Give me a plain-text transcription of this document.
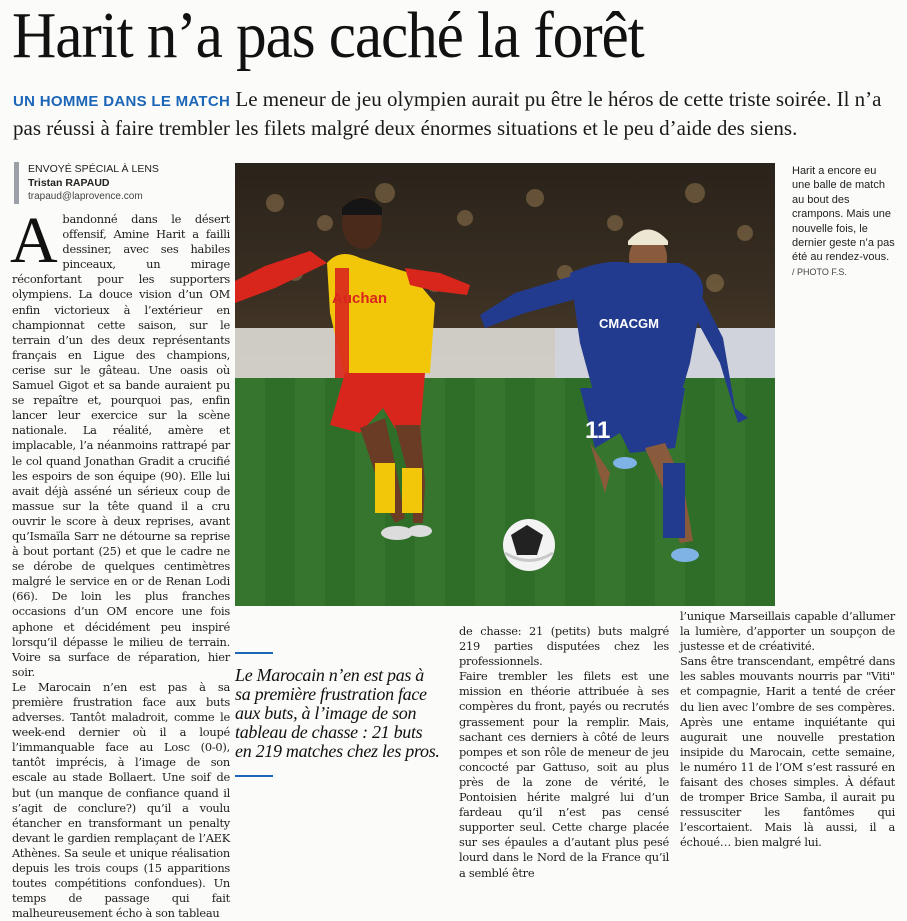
Harit n’a pas caché la forêt
UN HOMME DANS LE MATCH Le meneur de jeu olympien aurait pu être le héros de cette triste soirée. Il n’a pas réussi à faire trembler les filets malgré deux énormes situations et le peu d’aide des siens.
ENVOYÉ SPÉCIAL À LENS
Tristan RAPAUD
trapaud@laprovence.com

Abandonné dans le désert offensif, Amine Harit a failli dessiner, avec ses habiles pinceaux, un mirage réconfortant pour les supporters olympiens. La douce vision d’un OM enfin victorieux à l’extérieur en championnat cette saison, sur le terrain d’un des deux représentants français en Ligue des champions, cerise sur le gâteau. Une oasis où Samuel Gigot et sa bande auraient pu se repaître et, pourquoi pas, enfin lancer leur exercice sur la scène nationale. La réalité, amère et implacable, l’a néanmoins rattrapé par le col quand Jonathan Gradit a crucifié les espoirs de son équipe (90). Elle lui avait déjà asséné un sérieux coup de massue sur la tête quand il a cru ouvrir le score à deux reprises, avant qu’Ismaïla Sarr ne détourne sa reprise à bout portant (25) et que le cadre ne se dérobe de quelques centimètres malgré le service en or de Renan Lodi (66). De loin les plus franches occasions d’un OM encore une fois aphone et décidément peu inspiré lorsqu’il dépasse le milieu de terrain. Voire sa surface de réparation, hier soir.

Le Marocain n’en est pas à sa première frustration face aux buts adverses. Tantôt maladroit, comme le week-end dernier où il a loupé l’immanquable face au Losc (0-0), tantôt imprécis, à l’image de son escale au stade Bollaert. Une soif de but (un manque de confiance quand il s’agit de conclure?) qu’il a voulu étancher en transformant un penalty devant le gardien remplaçant de l’AEK Athènes. Sa seule et unique réalisation depuis les trois coups (15 apparitions toutes compétitions confondues). Un temps de passage qui fait malheureusement écho à son tableau

Auchan
CMACGM
11
Harit a encore eu une balle de match au bout des crampons. Mais une nouvelle fois, le dernier geste n’a pas été au rendez-vous.
/ PHOTO F.S.

Le Marocain n’en est pas à sa première frustration face aux buts, à l’image de son tableau de chasse : 21 buts en 219 matches chez les pros.

de chasse: 21 (petits) buts malgré 219 parties disputées chez les professionnels.

Faire trembler les filets est une mission en théorie attribuée à ses compères du front, payés ou recrutés grassement pour la remplir. Mais, sachant ces derniers à côté de leurs pompes et son rôle de meneur de jeu concocté par Gattuso, soit au plus près de la zone de vérité, le Pontoisien hérite malgré lui d’un fardeau qu’il n’est pas censé supporter seul. Cette charge placée sur ses épaules a d’autant plus pesé lourd dans le Nord de la France qu’il a semblé être

l’unique Marseillais capable d’allumer la lumière, d’apporter un soupçon de justesse et de créativité.

Sans être transcendant, empêtré dans les sables mouvants nourris par "Viti" et compagnie, Harit a tenté de créer du lien avec l’ombre de ses compères. Après une entame inquiétante qui augurait une nouvelle prestation insipide du Marocain, cette semaine, le numéro 11 de l’OM s’est rassuré en faisant des choses simples. À défaut de tromper Brice Samba, il aurait pu ressusciter les fantômes qui l’escortaient. Mais là aussi, il a échoué… bien malgré lui.
